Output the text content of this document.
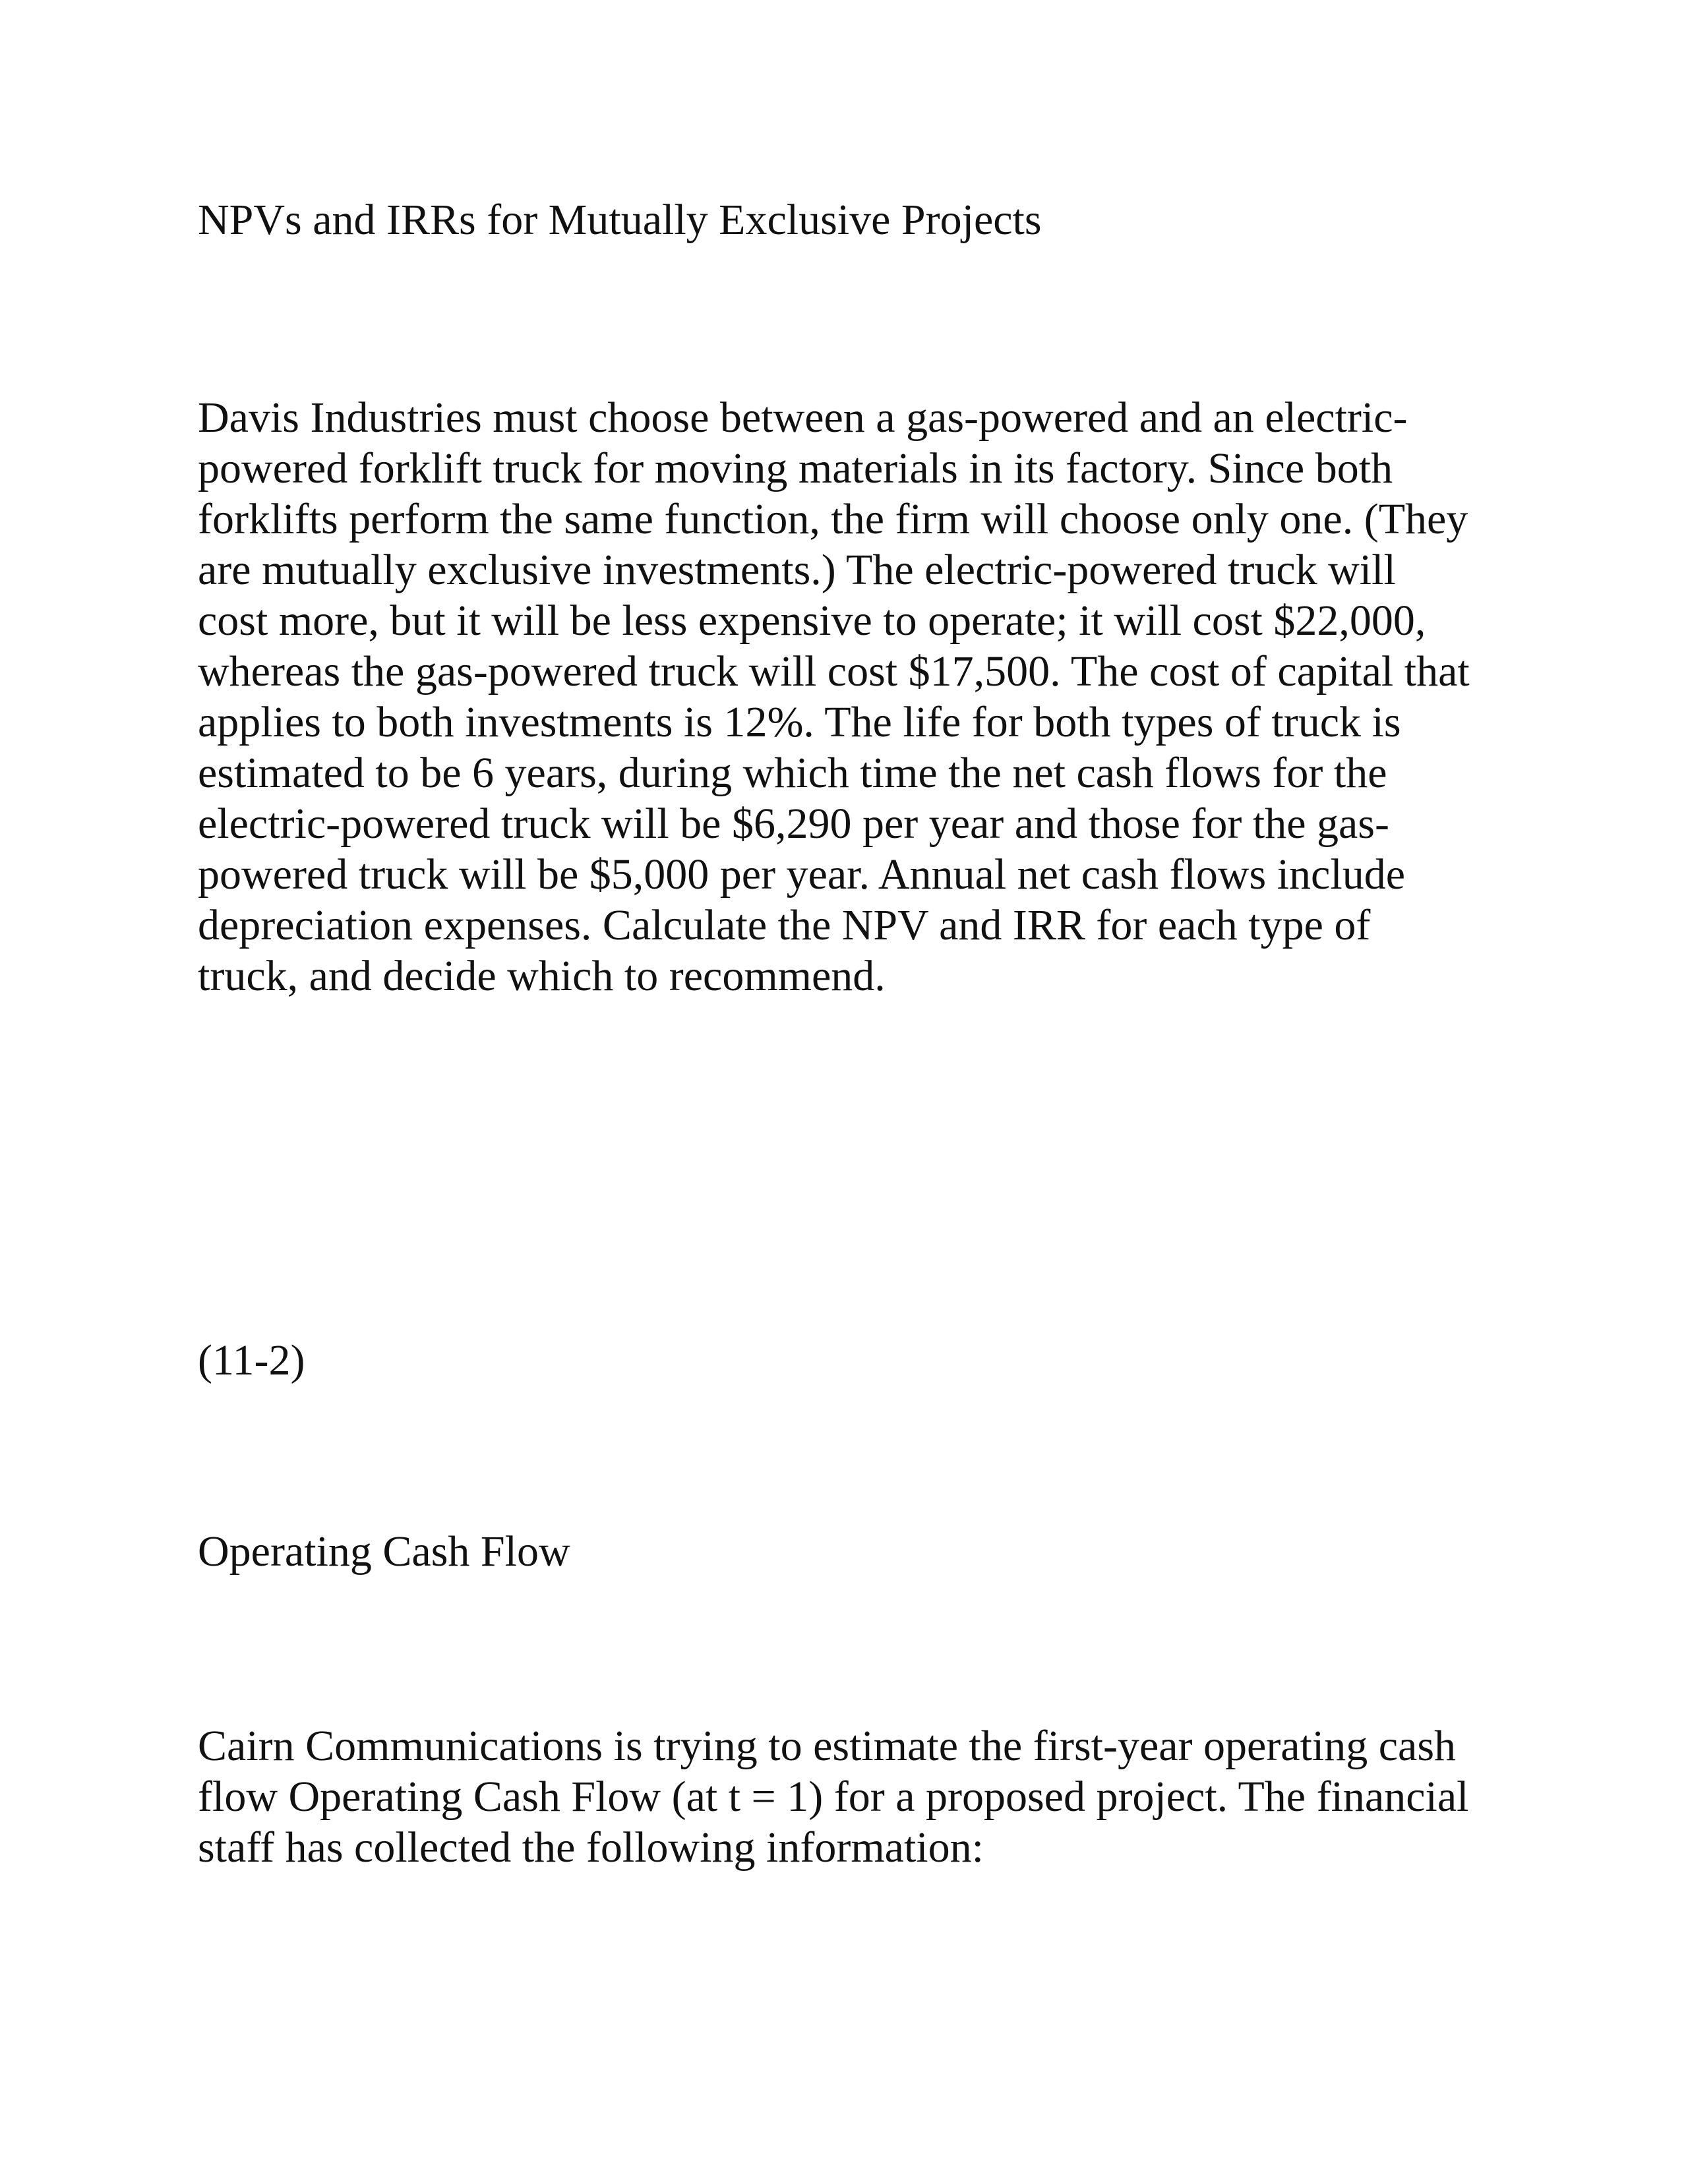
NPVs and IRRs for Mutually Exclusive Projects

Davis Industries must choose between a gas-powered and an electric-
powered forklift truck for moving materials in its factory. Since both
forklifts perform the same function, the firm will choose only one. (They
are mutually exclusive investments.) The electric-powered truck will
cost more, but it will be less expensive to operate; it will cost $22,000,
whereas the gas-powered truck will cost $17,500. The cost of capital that
applies to both investments is 12%. The life for both types of truck is
estimated to be 6 years, during which time the net cash flows for the
electric-powered truck will be $6,290 per year and those for the gas-
powered truck will be $5,000 per year. Annual net cash flows include
depreciation expenses. Calculate the NPV and IRR for each type of
truck, and decide which to recommend.

(11-2)
Operating Cash Flow

Cairn Communications is trying to estimate the first-year operating cash
flow Operating Cash Flow (at t = 1) for a proposed project. The financial
staff has collected the following information:
